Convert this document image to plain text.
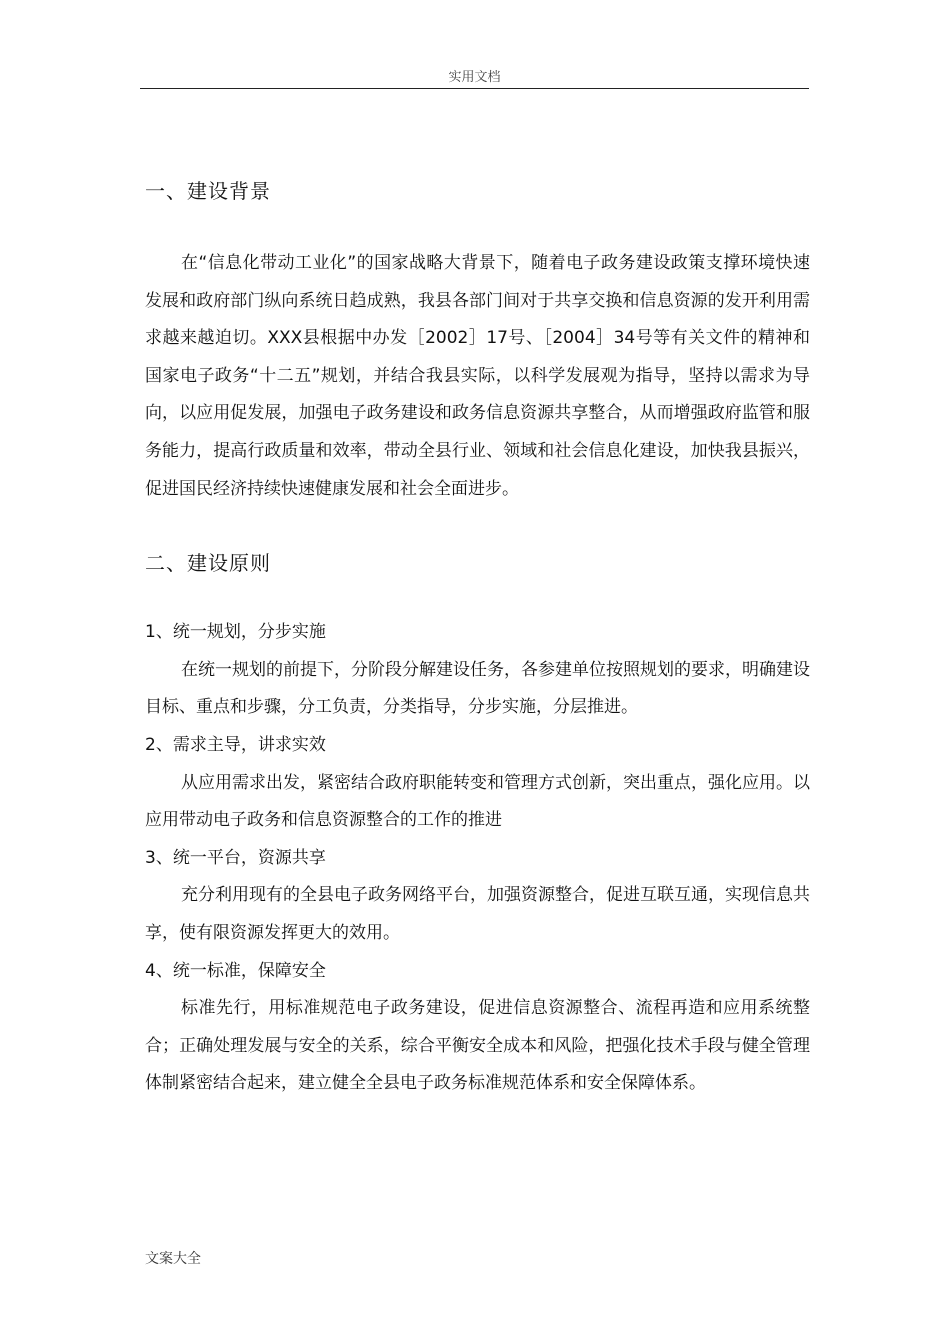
实用文档
一、建设背景

在“信息化带动工业化”的国家战略大背景下，随着电子政务建设政策支撑环境快速发展和政府部门纵向系统日趋成熟，我县各部门间对于共享交换和信息资源的发开利用需求越来越迫切。XXX县根据中办发［2002］17号、［2004］34号等有关文件的精神和国家电子政务“十二五”规划，并结合我县实际，以科学发展观为指导，坚持以需求为导向，以应用促发展，加强电子政务建设和政务信息资源共享整合，从而增强政府监管和服务能力，提高行政质量和效率，带动全县行业、领域和社会信息化建设，加快我县振兴，促进国民经济持续快速健康发展和社会全面进步。

二、建设原则

1、统一规划，分步实施

在统一规划的前提下，分阶段分解建设任务，各参建单位按照规划的要求，明确建设目标、重点和步骤，分工负责，分类指导，分步实施，分层推进。

2、需求主导，讲求实效

从应用需求出发，紧密结合政府职能转变和管理方式创新，突出重点，强化应用。以应用带动电子政务和信息资源整合的工作的推进

3、统一平台，资源共享

充分利用现有的全县电子政务网络平台，加强资源整合，促进互联互通，实现信息共享，使有限资源发挥更大的效用。

4、统一标准，保障安全

标准先行，用标准规范电子政务建设，促进信息资源整合、流程再造和应用系统整合；正确处理发展与安全的关系，综合平衡安全成本和风险，把强化技术手段与健全管理体制紧密结合起来，建立健全全县电子政务标准规范体系和安全保障体系。

文案大全
